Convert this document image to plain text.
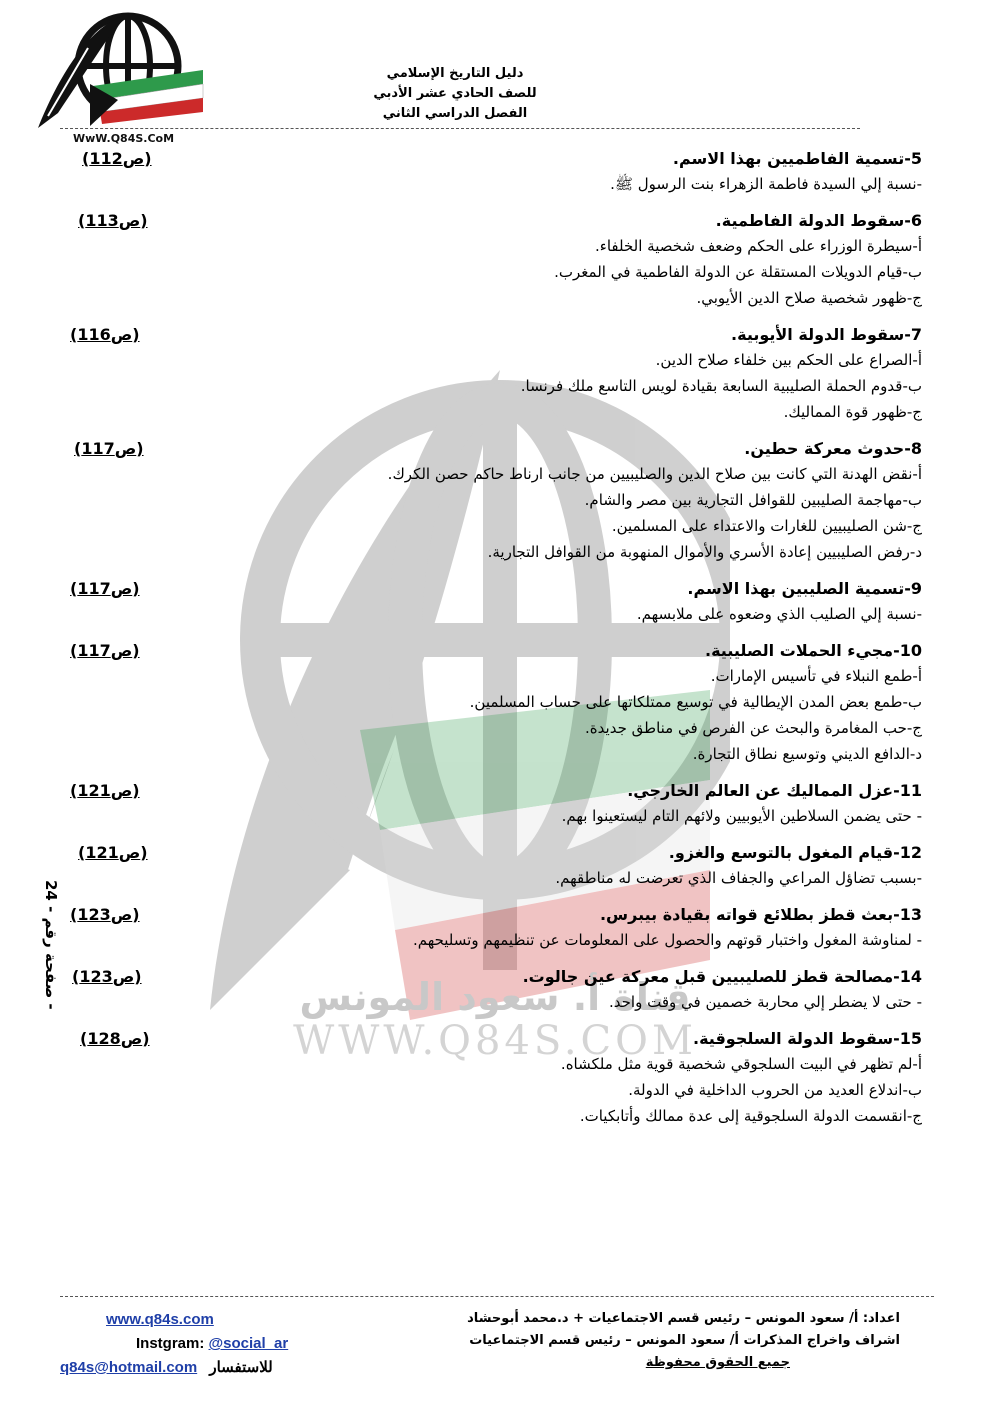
WwW.Q84S.CoM
دليل التاريخ الإسلامي
للصف الحادي عشر الأدبي
الفصل الدراسي الثاني
قناة أ. سعود المونس
WWW.Q84S.COM
5-تسمية الفاطميين بهذا الاسم.
(ص112)
-نسبة إلي السيدة فاطمة الزهراء بنت الرسول ﷺ.
6-سقوط الدولة الفاطمية.
(ص113)
أ-سيطرة الوزراء على الحكم وضعف شخصية الخلفاء.
ب-قيام الدويلات المستقلة عن الدولة الفاطمية في المغرب.
ج-ظهور شخصية صلاح الدين الأيوبي.
7-سقوط الدولة الأيوبية.
(ص116)
أ-الصراع على الحكم بين خلفاء صلاح الدين.
ب-قدوم الحملة الصليبية السابعة بقيادة لويس التاسع ملك فرنسا.
ج-ظهور قوة المماليك.
8-حدوث معركة حطين.
(ص117)
أ-نقض الهدنة التي كانت بين صلاح الدين والصليبيين من جانب ارناط حاكم حصن الكرك.
ب-مهاجمة الصليبين للقوافل التجارية بين مصر والشام.
ج-شن الصليبيين للغارات والاعتداء على المسلمين.
د-رفض الصليبيين إعادة الأسري والأموال المنهوبة من القوافل التجارية.
9-تسمية الصليبين بهذا الاسم.
(ص117)
-نسبة إلي الصليب الذي وضعوه على ملابسهم.
10-مجيء الحملات الصليبية.
(ص117)
أ-طمع النبلاء في تأسيس الإمارات.
ب-طمع بعض المدن الإيطالية في توسيع ممتلكاتها على حساب المسلمين.
ج-حب المغامرة والبحث عن الفرص في مناطق جديدة.
د-الدافع الديني وتوسيع نطاق التجارة.
11-عزل المماليك عن العالم الخارجي.
(ص121)
- حتى يضمن السلاطين الأيوبيين ولائهم التام ليستعينوا بهم.
12-قيام المغول بالتوسع والغزو.
(ص121)
-بسبب تضاؤل المراعي والجفاف الذي تعرضت له مناطقهم.
13-بعث قطز بطلائع قواته بقيادة بيبرس.
(ص123)
- لمناوشة المغول واختبار قوتهم والحصول على المعلومات عن تنظيمهم وتسليحهم.
14-مصالحة قطز للصليبيين قبل معركة عين جالوت.
(ص123)
- حتى لا يضطر إلي محاربة خصمين في وقت واحد.
15-سقوط الدولة السلجوقية.
(ص128)
أ-لم تظهر في البيت السلجوقي شخصية قوية مثل ملكشاه.
ب-اندلاع العديد من الحروب الداخلية في الدولة.
ج-انقسمت الدولة السلجوقية إلى عدة ممالك وأتابكيات.
صفحة رقم - 24 -
اعداد: أ/ سعود المونس – رئيس قسم الاجتماعيات + د.محمد أبوحشاد
اشراف واخراج المذكرات أ/ سعود المونس – رئيس قسم الاجتماعيات
جميع الحقوق محفوظة
www.q84s.com
Instgram: @social_ar
q84s@hotmail.com للاستفسار
